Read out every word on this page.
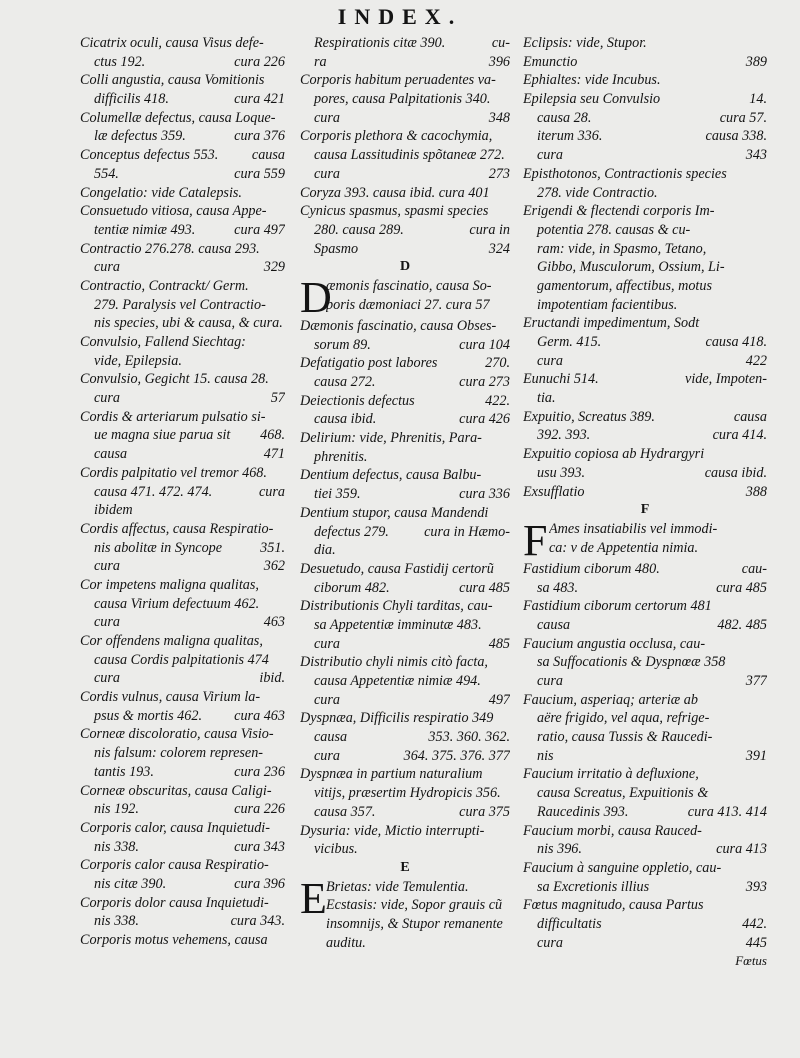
INDEX.
Cicatrix oculi, causa Visus defe-
ctus 192.	cura 226
Colli angustia, causa Vomitionis
difficilis 418.	cura 421
Columellæ defectus, causa Loque-
læ defectus 359.	cura 376
Conceptus defectus 553. causa
554.	cura 559
Congelatio: vide Catalepsis.
Consuetudo vitiosa, causa Appe-
tentiæ nimiæ 493.	cura 497
Contractio 276.278. causa 293.
cura	329
Contractio, Contrackt/ Germ.
279. Paralysis vel Contractio-
nis species, ubi & causa, & cura.
Convulsio, Fallend Siechtag:
vide, Epilepsia.
Convulsio, Gegicht 15. causa 28.
cura	57
Cordis & arteriarum pulsatio si-
ue magna siue parua sit 468.
causa	471
Cordis palpitatio vel tremor 468.
causa 471. 472. 474.	cura
ibidem
Cordis affectus, causa Respiratio-
nis abolitæ in Syncope	351.
cura	362
Cor impetens maligna qualitas,
causa Virium defectuum 462.
cura	463
Cor offendens maligna qualitas,
causa Cordis palpitationis 474
cura	ibid.
Cordis vulnus, causa Virium la-
psus & mortis 462. cura 463
Corneæ discoloratio, causa Visio-
nis falsum: colorem represen-
tantis 193.	cura 236
Corneæ obscuritas, causa Caligi-
nis 192.	cura 226
Corporis calor, causa Inquietudi-
nis 338.	cura 343
Corporis calor causa Respiratio-
nis citæ 390.	cura 396
Corporis dolor causa Inquietudi-
nis 338.	cura 343.
Corporis motus vehemens, causa
Respirationis citæ 390.	cu-
ra	396
Corporis habitum peruadentes va-
pores, causa Palpitationis 340.
cura	348
Corporis plethora & cacochymia,
causa Lassitudinis spõtaneæ 272.
cura	273
Coryza 393. causa ibid. cura 401
Cynicus spasmus, spasmi species
280. causa 289.	cura in
Spasmo	324
D
D
æmonis fascinatio, causa So-
poris dæmoniaci 27. cura 57
Dæmonis fascinatio, causa Obses-
sorum 89.	cura 104
Defatigatio post labores	270.
causa 272.	cura 273
Deiectionis defectus	422.
causa ibid.	cura 426
Delirium: vide, Phrenitis, Para-
phrenitis.
Dentium defectus, causa Balbu-
tiei 359.	cura 336
Dentium stupor, causa Mandendi
defectus 279. cura in Hæmo-
dia.
Desuetudo, causa Fastidij certorũ
ciborum 482.	cura 485
Distributionis Chyli tarditas, cau-
sa Appetentiæ imminutæ 483.
cura	485
Distributio chyli nimis citò facta,
causa Appetentiæ nimiæ 494.
cura	497
Dyspnæa, Difficilis respiratio 349
causa	353. 360. 362.
cura	364. 375. 376. 377
Dyspnæa in partium naturalium
vitijs, præsertim Hydropicis 356.
causa 357.	cura 375
Dysuria: vide, Mictio interrupti-
vicibus.
E
E Brietas: vide Temulentia.
Ecstasis: vide, Sopor grauis cũ
insomnijs, & Stupor remanente
auditu.
Eclipsis: vide, Stupor.
Emunctio	389
Ephialtes: vide Incubus.
Epilepsia seu Convulsio	14.
causa 28.	cura 57.
iterum 336.	causa 338.
cura	343
Episthotonos, Contractionis species
278. vide Contractio.
Erigendi & flectendi corporis Im-
potentia 278. causas & cu-
ram: vide, in Spasmo, Tetano,
Gibbo, Musculorum, Ossium, Li-
gamentorum, affectibus, motus
impotentiam facientibus.
Eructandi impedimentum, Sodt
Germ. 415.	causa 418.
cura	422
Eunuchi 514.	vide, Impoten-
tia.
Expuitio, Screatus 389.	causa
392. 393.	cura 414.
Expuitio copiosa ab Hydrargyri
usu 393.	causa ibid.
Exsufflatio	388
F
F Ames insatiabilis vel immodi-
ca: v de Appetentia nimia.
Fastidium ciborum 480.	cau-
sa 483.	cura 485
Fastidium ciborum certorum 481
causa	482. 485
Faucium angustia occlusa, cau-
sa Suffocationis & Dyspnœæ 358
cura	377
Faucium, asperiaq; arteriæ ab
aëre frigido, vel aqua, refrige-
ratio, causa Tussis & Raucedi-
nis	391
Faucium irritatio à defluxione,
causa Screatus, Expuitionis &
Raucedinis 393.	cura 413. 414
Faucium morbi, causa Rauced-
nis 396.	cura 413
Faucium à sanguine oppletio, cau-
sa Excretionis illius	393
Fœtus magnitudo, causa Partus
difficultatis	442.
cura	445
Fœtus
